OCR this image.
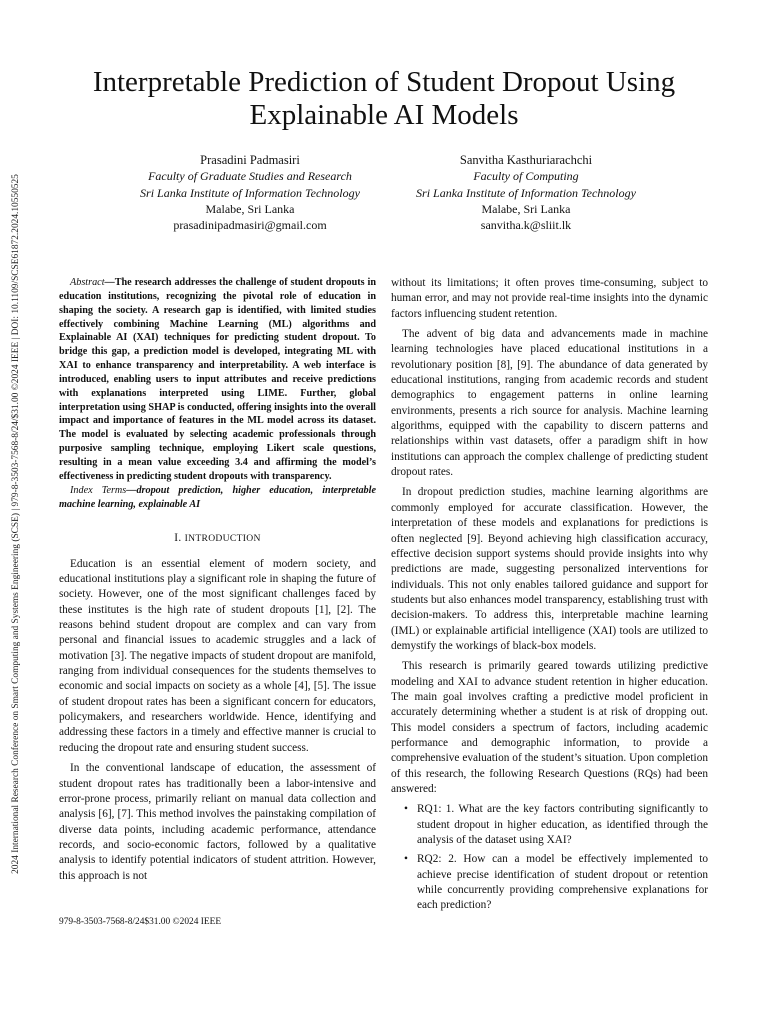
2024 International Research Conference on Smart Computing and Systems Engineering (SCSE) | 979-8-3503-7568-8/24/$31.00 ©2024 IEEE | DOI: 10.1109/SCSE61872.2024.10550525
Interpretable Prediction of Student Dropout Using Explainable AI Models
Prasadini Padmasiri
Faculty of Graduate Studies and Research
Sri Lanka Institute of Information Technology
Malabe, Sri Lanka
prasadinipadmasiri@gmail.com
Sanvitha Kasthuriarachchi
Faculty of Computing
Sri Lanka Institute of Information Technology
Malabe, Sri Lanka
sanvitha.k@sliit.lk

Abstract—The research addresses the challenge of student dropouts in education institutions, recognizing the pivotal role of education in shaping the society. A research gap is identified, with limited studies effectively combining Machine Learning (ML) algorithms and Explainable AI (XAI) techniques for predicting student dropout. To bridge this gap, a prediction model is developed, integrating ML with XAI to enhance transparency and interpretability. A web interface is introduced, enabling users to input attributes and receive predictions with explanations interpreted using LIME. Further, global interpretation using SHAP is conducted, offering insights into the overall impact and importance of features in the ML model across its dataset. The model is evaluated by selecting academic professionals through purposive sampling technique, employing Likert scale questions, resulting in a mean value exceeding 3.4 and affirming the model’s effectiveness in predicting student dropouts with transparency.

Index Terms—dropout prediction, higher education, interpretable machine learning, explainable AI

I. INTRODUCTION

Education is an essential element of modern society, and educational institutions play a significant role in shaping the future of society. However, one of the most significant challenges faced by these institutes is the high rate of student dropouts [1], [2]. The reasons behind student dropout are complex and can vary from personal and financial issues to academic struggles and a lack of motivation [3]. The negative impacts of student dropout are manifold, ranging from individual consequences for the students themselves to economic and social impacts on society as a whole [4], [5]. The issue of student dropout rates has been a significant concern for educators, policymakers, and researchers worldwide. Hence, identifying and addressing these factors in a timely and effective manner is crucial to reducing the dropout rate and ensuring student success.

In the conventional landscape of education, the assessment of student dropout rates has traditionally been a labor-intensive and error-prone process, primarily reliant on manual data collection and analysis [6], [7]. This method involves the painstaking compilation of diverse data points, including academic performance, attendance records, and socio-economic factors, followed by a qualitative analysis to identify potential indicators of student attrition. However, this approach is not

without its limitations; it often proves time-consuming, subject to human error, and may not provide real-time insights into the dynamic factors influencing student retention.

The advent of big data and advancements made in machine learning technologies have placed educational institutions in a revolutionary position [8], [9]. The abundance of data generated by educational institutions, ranging from academic records and student demographics to engagement patterns in online learning environments, presents a rich source for analysis. Machine learning algorithms, equipped with the capability to discern patterns and relationships within vast datasets, offer a paradigm shift in how institutions can approach the complex challenge of predicting student dropout rates.

In dropout prediction studies, machine learning algorithms are commonly employed for accurate classification. However, the interpretation of these models and explanations for predictions is often neglected [9]. Beyond achieving high classification accuracy, effective decision support systems should provide insights into why predictions are made, suggesting personalized interventions for individuals. This not only enables tailored guidance and support for students but also enhances model transparency, establishing trust with decision-makers. To address this, interpretable machine learning (IML) or explainable artificial intelligence (XAI) tools are utilized to demystify the workings of black-box models.

This research is primarily geared towards utilizing predictive modeling and XAI to advance student retention in higher education. The main goal involves crafting a predictive model proficient in accurately determining whether a student is at risk of dropping out. This model considers a spectrum of factors, including academic performance and demographic information, to provide a comprehensive evaluation of the student’s situation. Upon completion of this research, the following Research Questions (RQs) had been answered:

• RQ1: 1. What are the key factors contributing significantly to student dropout in higher education, as identified through the analysis of the dataset using XAI?
• RQ2: 2. How can a model be effectively implemented to achieve precise identification of student dropout or retention while concurrently providing comprehensive explanations for each prediction?
979-8-3503-7568-8/24$31.00 ©2024 IEEE
